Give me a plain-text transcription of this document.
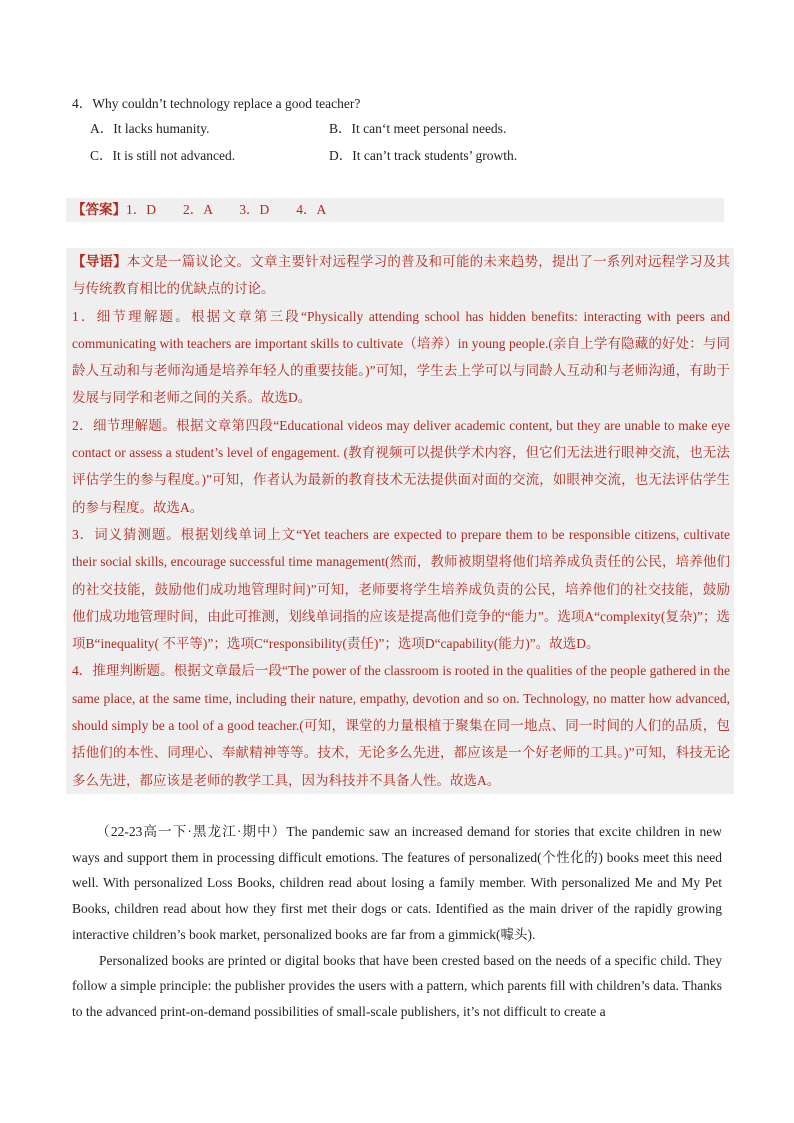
4．Why couldn’t technology replace a good teacher?
A．It lacks humanity.	B．It can‘t meet personal needs.
C．It is still not advanced.	D．It can’t track students’ growth.
【答案】1．D　　2．A　　3．D　　4．A

【导语】本文是一篇议论文。文章主要针对远程学习的普及和可能的未来趋势，提出了一系列对远程学习及其与传统教育相比的优缺点的讨论。

1．细节理解题。根据文章第三段“Physically attending school has hidden benefits: interacting with peers and communicating with teachers are important skills to cultivate（培养）in young people.(亲自上学有隐藏的好处：与同龄人互动和与老师沟通是培养年轻人的重要技能。)”可知，学生去上学可以与同龄人互动和与老师沟通，有助于发展与同学和老师之间的关系。故选D。

2．细节理解题。根据文章第四段“Educational videos may deliver academic content, but they are unable to make eye contact or assess a student’s level of engagement. (教育视频可以提供学术内容，但它们无法进行眼神交流，也无法评估学生的参与程度。)”可知，作者认为最新的教育技术无法提供面对面的交流，如眼神交流，也无法评估学生的参与程度。故选A。

3．词义猜测题。根据划线单词上文“Yet teachers are expected to prepare them to be responsible citizens, cultivate their social skills, encourage successful time management(然而，教师被期望将他们培养成负责任的公民，培养他们的社交技能，鼓励他们成功地管理时间)”可知，老师要将学生培养成负责的公民，培养他们的社交技能，鼓励他们成功地管理时间，由此可推测，划线单词指的应该是提高他们竞争的“能力”。选项A“complexity(复杂)”；选项B“inequality( 不平等)”；选项C“responsibility(责任)”；选项D“capability(能力)”。故选D。

4．推理判断题。根据文章最后一段“The power of the classroom is rooted in the qualities of the people gathered in the same place, at the same time, including their nature, empathy, devotion and so on. Technology, no matter how advanced, should simply be a tool of a good teacher.(可知，课堂的力量根植于聚集在同一地点、同一时间的人们的品质，包括他们的本性、同理心、奉献精神等等。技术，无论多么先进，都应该是一个好老师的工具。)”可知，科技无论多么先进，都应该是老师的教学工具，因为科技并不具备人性。故选A。

（22-23高一下·黑龙江·期中）The pandemic saw an increased demand for stories that excite children in new ways and support them in processing difficult emotions. The features of personalized(个性化的) books meet this need well. With personalized Loss Books, children read about losing a family member. With personalized Me and My Pet Books, children read about how they first met their dogs or cats. Identified as the main driver of the rapidly growing interactive children’s book market, personalized books are far from a gimmick(噱头).

Personalized books are printed or digital books that have been crested based on the needs of a specific child. They follow a simple principle: the publisher provides the users with a pattern, which parents fill with children’s data. Thanks to the advanced print-on-demand possibilities of small-scale publishers, it’s not difficult to create a
